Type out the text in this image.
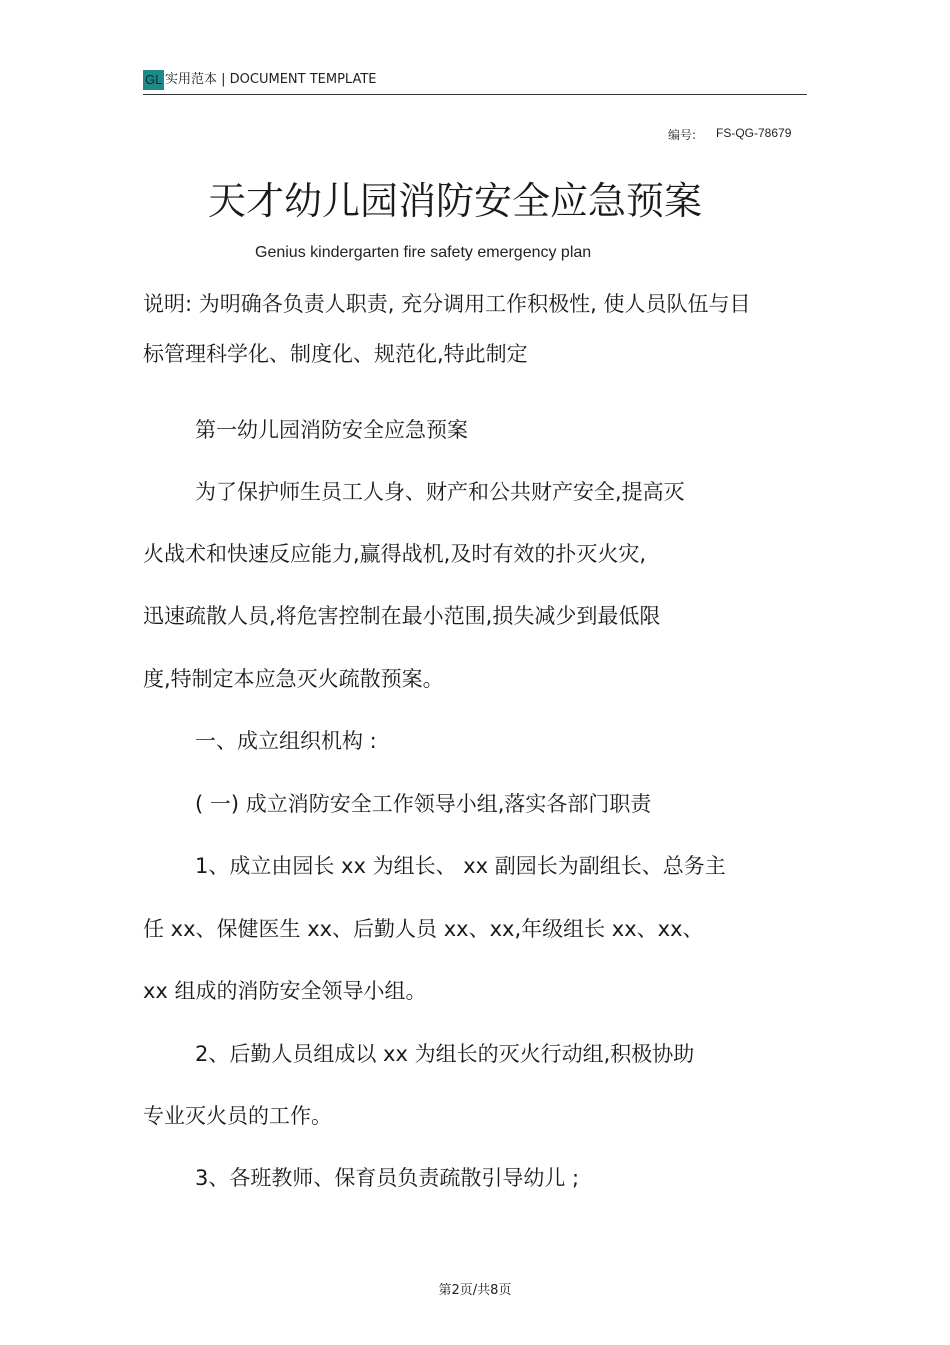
GL 实用范本 | DOCUMENT TEMPLATE
编号: FS-QG-78679
天才幼儿园消防安全应急预案
Genius kindergarten fire safety emergency plan
说明: 为明确各负责人职责, 充分调用工作积极性, 使人员队伍与目
标管理科学化、制度化、规范化,特此制定
第一幼儿园消防安全应急预案
为了保护师生员工人身、财产和公共财产安全,提高灭
火战术和快速反应能力,赢得战机,及时有效的扑灭火灾,
迅速疏散人员,将危害控制在最小范围,损失减少到最低限
度,特制定本应急灭火疏散预案。
一、成立组织机构 :
( 一) 成立消防安全工作领导小组,落实各部门职责
1、成立由园长 xx 为组长、 xx 副园长为副组长、总务主
任 xx、保健医生 xx、后勤人员 xx、xx,年级组长 xx、xx、
xx 组成的消防安全领导小组。
2、后勤人员组成以 xx 为组长的灭火行动组,积极协助
专业灭火员的工作。
3、各班教师、保育员负责疏散引导幼儿 ;
第2页/共8页
